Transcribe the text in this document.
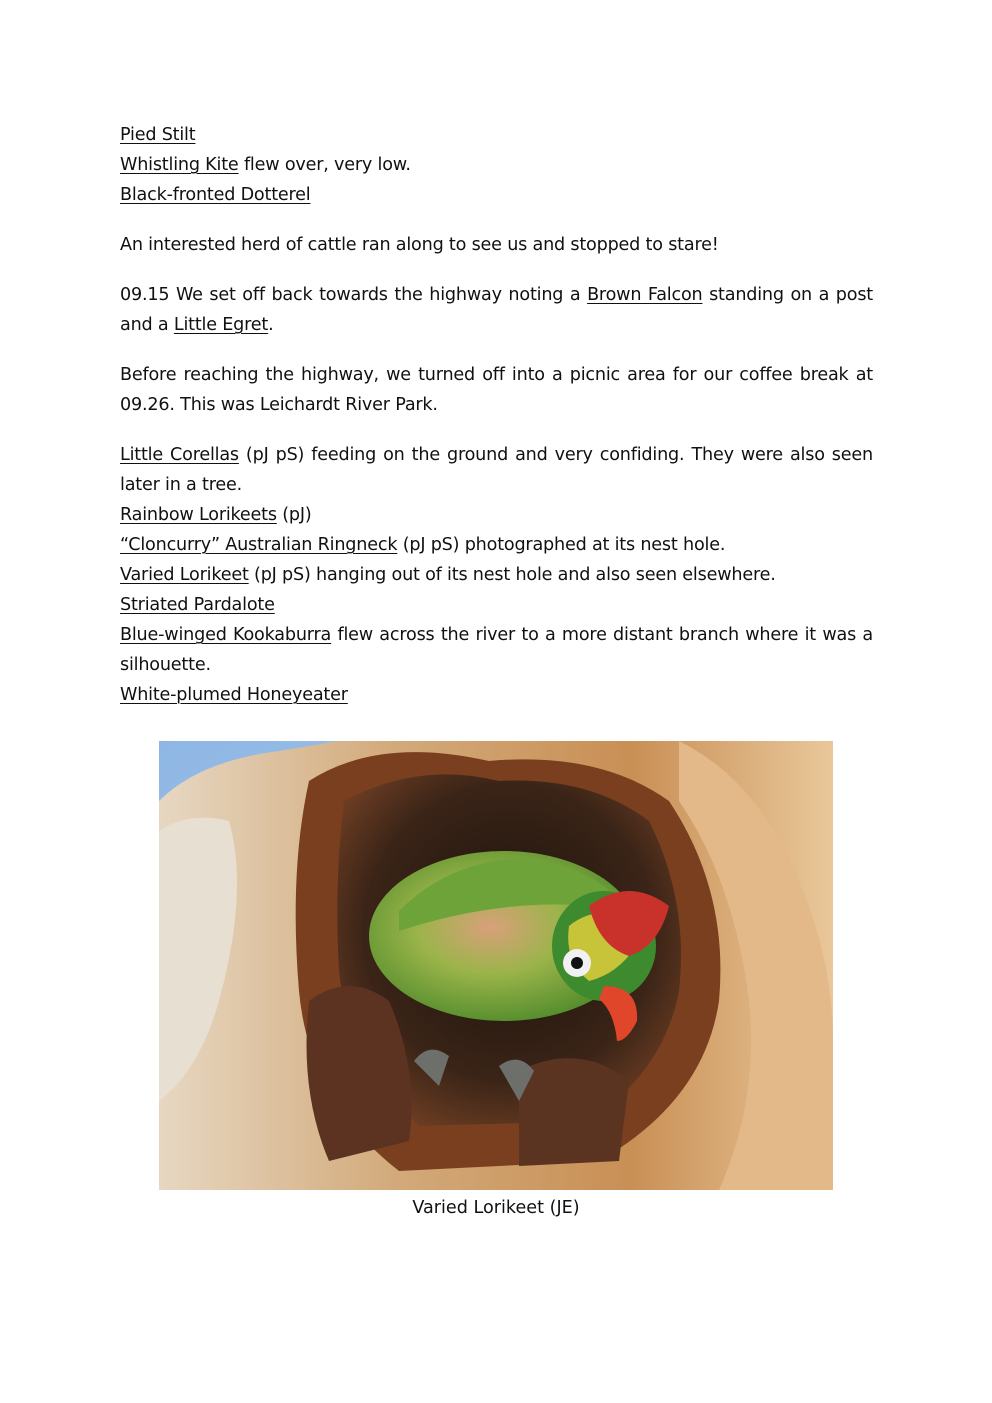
Pied Stilt
Whistling Kite flew over, very low.
Black-fronted Dotterel
An interested herd of cattle ran along to see us and stopped to stare!
09.15 We set off back towards the highway noting a Brown Falcon standing on a post and a Little Egret.
Before reaching the highway, we turned off into a picnic area for our coffee break at 09.26. This was Leichardt River Park.
Little Corellas (pJ pS) feeding on the ground and very confiding. They were also seen later in a tree.
Rainbow Lorikeets (pJ)
“Cloncurry” Australian Ringneck (pJ pS) photographed at its nest hole.
Varied Lorikeet (pJ pS) hanging out of its nest hole and also seen elsewhere.
Striated Pardalote
Blue-winged Kookaburra flew across the river to a more distant branch where it was a silhouette.
White-plumed Honeyeater
Varied Lorikeet (JE)
